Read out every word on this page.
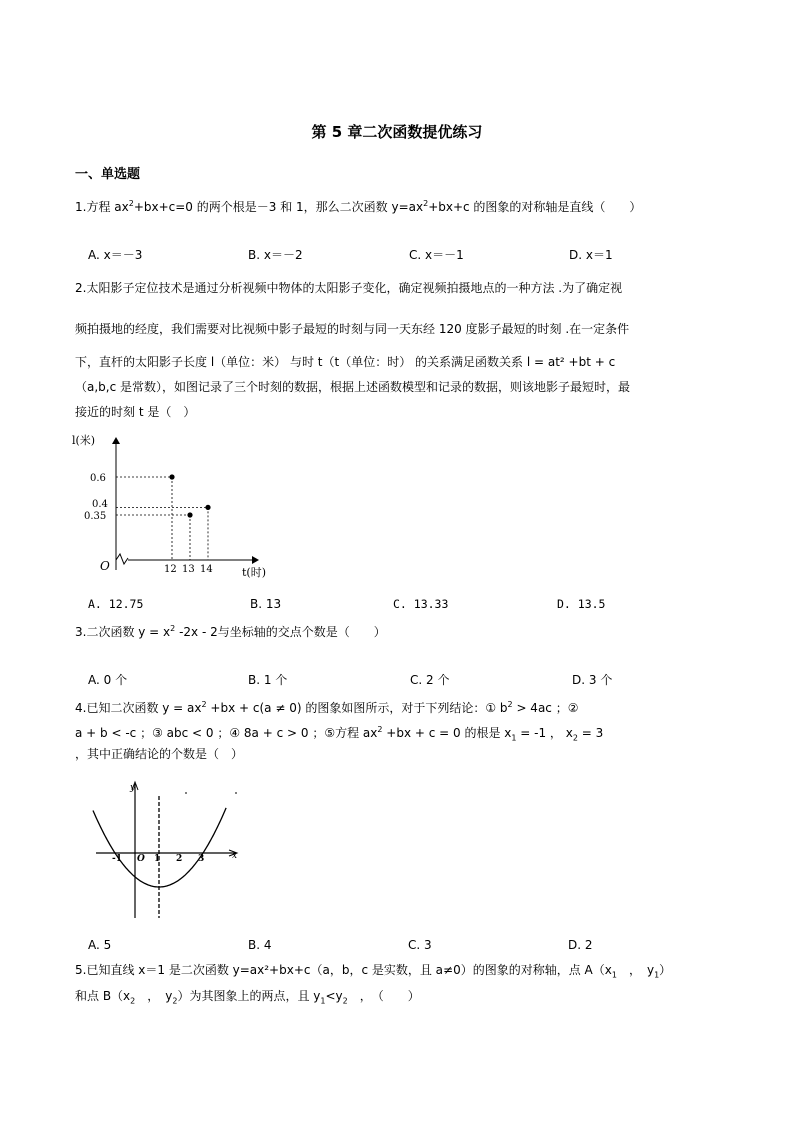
第 5 章二次函数提优练习
一、单选题
1.方程 $ax^2+bx+c=0$ 的两个根是－3 和 1，那么二次函数 $y=ax^2+bx+c$ 的图象的对称轴是直线（　　）
A. x＝－3	B. x＝－2	C. x＝－1	D. x＝1
2.太阳影子定位技术是通过分析视频中物体的太阳影子变化，确定视频拍摄地点的一种方法 .为了确定视
频拍摄地的经度，我们需要对比视频中影子最短的时刻与同一天东经 120 度影子最短的时刻 .在一定条件
下，直杆的太阳影子长度 l（单位：米） 与时 t（t（单位：时） 的关系满足函数关系 l = at² +bt + c
（a,b,c 是常数），如图记录了三个时刻的数据，根据上述函数模型和记录的数据，则该地影子最短时，最
接近的时刻 t 是（　）
l(米)
t(时)
O
0.6
0.4
0.35
12 13 14
A. 12.75	B. 13	C. 13.33	D. 13.5
3.二次函数 $y = x^2$ -2x - 2与坐标轴的交点个数是（　　）
A. 0 个	B. 1 个	C. 2 个	D. 3 个
4.已知二次函数 $y = ax^2 +bx + c(a \ne 0)$ 的图象如图所示，对于下列结论：① $b^2 > 4ac$ ；②
a + b < -c ；③ abc < 0 ；④ 8a + c > 0 ；⑤方程 $ax^2 +bx + c = 0$ 的根是 $x_1 = -1$ ， $x_2 = 3$
，其中正确结论的个数是（　）
y
x
-1 O 1 2 3
A. 5	B. 4	C. 3	D. 2
5.已知直线 x＝1 是二次函数 y=ax²+bx+c（a，b，c 是实数，且 a≠0）的图象的对称轴，点 $A(x_1$　，　$y_1$）
和点 $B(x_2$　，　$y_2$）为其图象上的两点，且 $y_1<y_2$　，　（　　）
